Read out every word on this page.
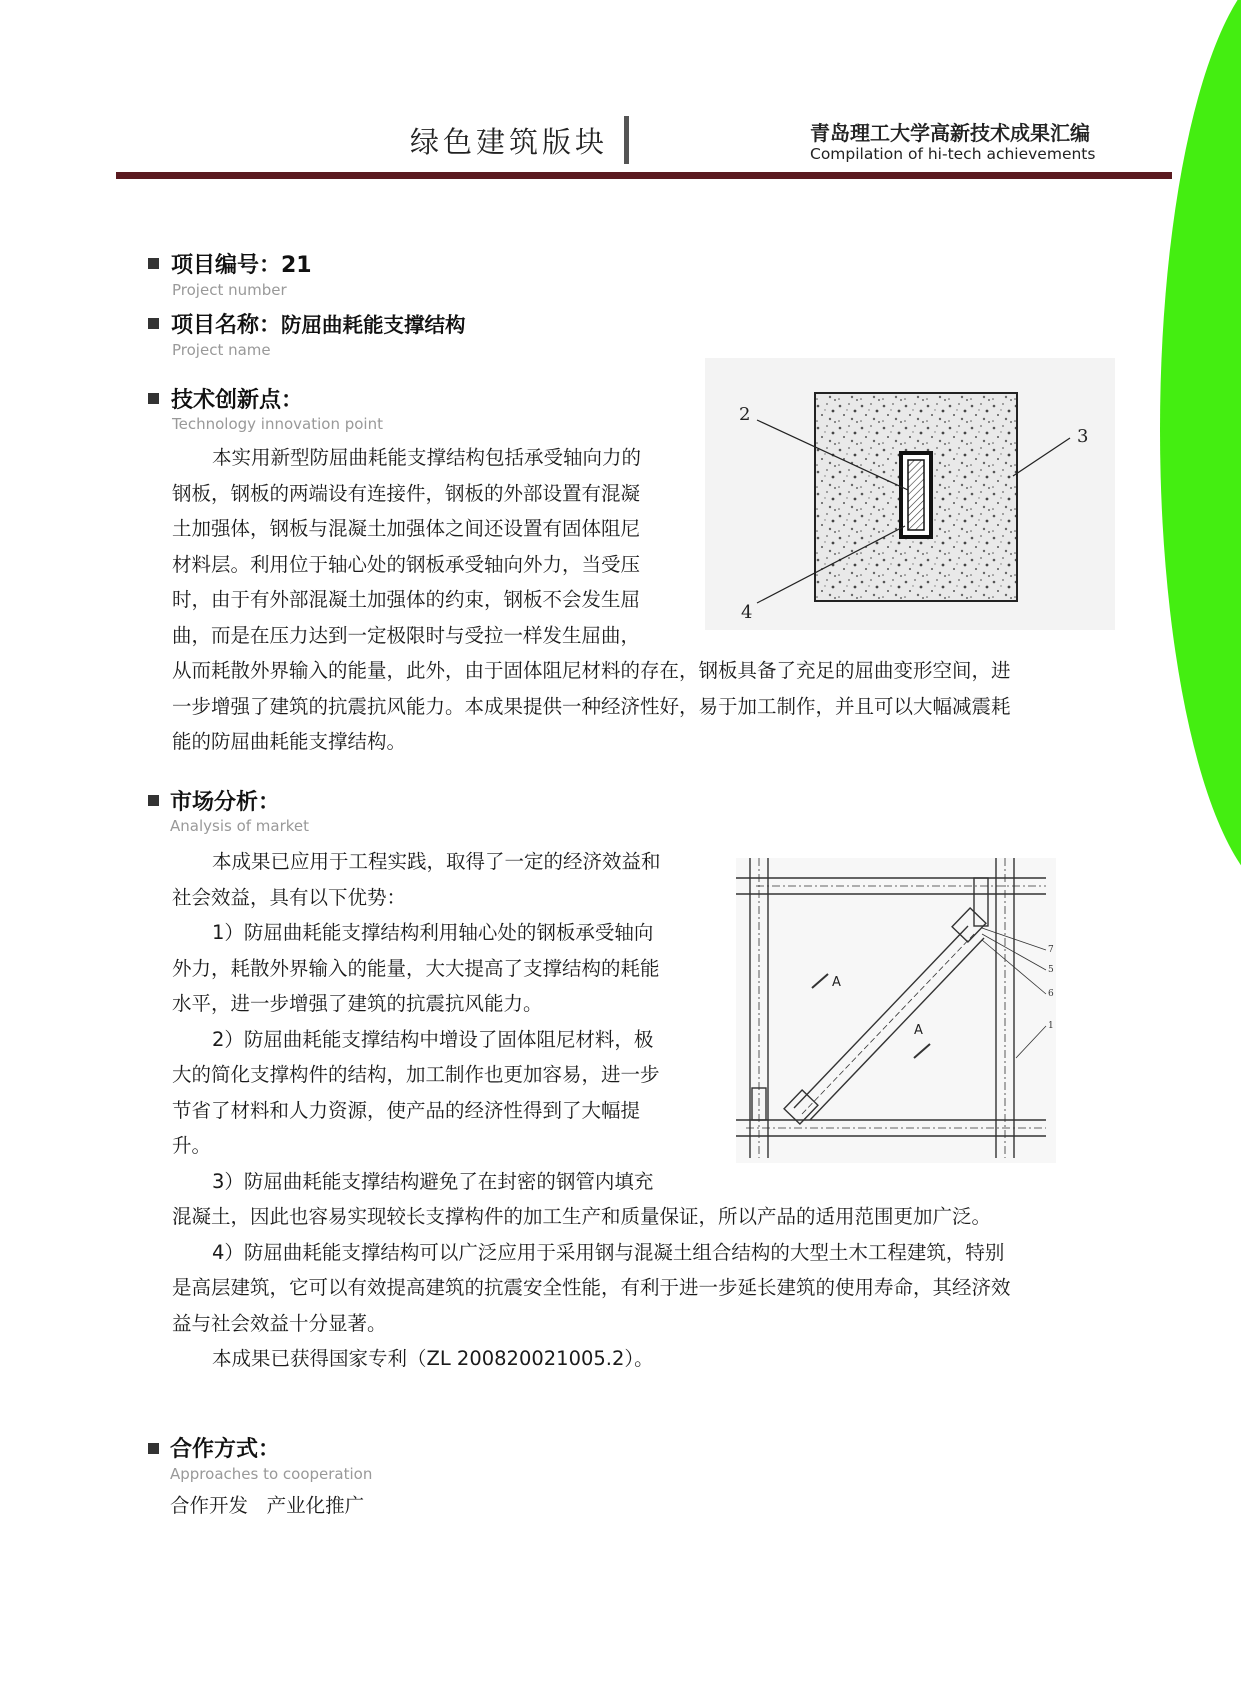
绿色建筑版块	青岛理工大学高新技术成果汇编
Compilation of hi-tech achievements
项目编号：21
Project number
项目名称：防屈曲耗能支撑结构
Project name
技术创新点：
Technology innovation point
本实用新型防屈曲耗能支撑结构包括承受轴向力的
钢板，钢板的两端设有连接件，钢板的外部设置有混凝
土加强体，钢板与混凝土加强体之间还设置有固体阻尼
材料层。利用位于轴心处的钢板承受轴向外力，当受压
时，由于有外部混凝土加强体的约束，钢板不会发生屈
曲，而是在压力达到一定极限时与受拉一样发生屈曲，
从而耗散外界输入的能量，此外，由于固体阻尼材料的存在，钢板具备了充足的屈曲变形空间，进
一步增强了建筑的抗震抗风能力。本成果提供一种经济性好，易于加工制作，并且可以大幅减震耗
能的防屈曲耗能支撑结构。
2
3
4
市场分析：
Analysis of market
本成果已应用于工程实践，取得了一定的经济效益和
社会效益，具有以下优势：
1）防屈曲耗能支撑结构利用轴心处的钢板承受轴向
外力，耗散外界输入的能量，大大提高了支撑结构的耗能
水平，进一步增强了建筑的抗震抗风能力。
2）防屈曲耗能支撑结构中增设了固体阻尼材料，极
大的简化支撑构件的结构，加工制作也更加容易，进一步
节省了材料和人力资源，使产品的经济性得到了大幅提
升。
3）防屈曲耗能支撑结构避免了在封密的钢管内填充
混凝土，因此也容易实现较长支撑构件的加工生产和质量保证，所以产品的适用范围更加广泛。
4）防屈曲耗能支撑结构可以广泛应用于采用钢与混凝土组合结构的大型土木工程建筑，特别
是高层建筑，它可以有效提高建筑的抗震安全性能，有利于进一步延长建筑的使用寿命，其经济效
益与社会效益十分显著。
本成果已获得国家专利（ZL 200820021005.2）。
A
A
7
5
6
1
合作方式：
Approaches to cooperation
合作开发   产业化推广
